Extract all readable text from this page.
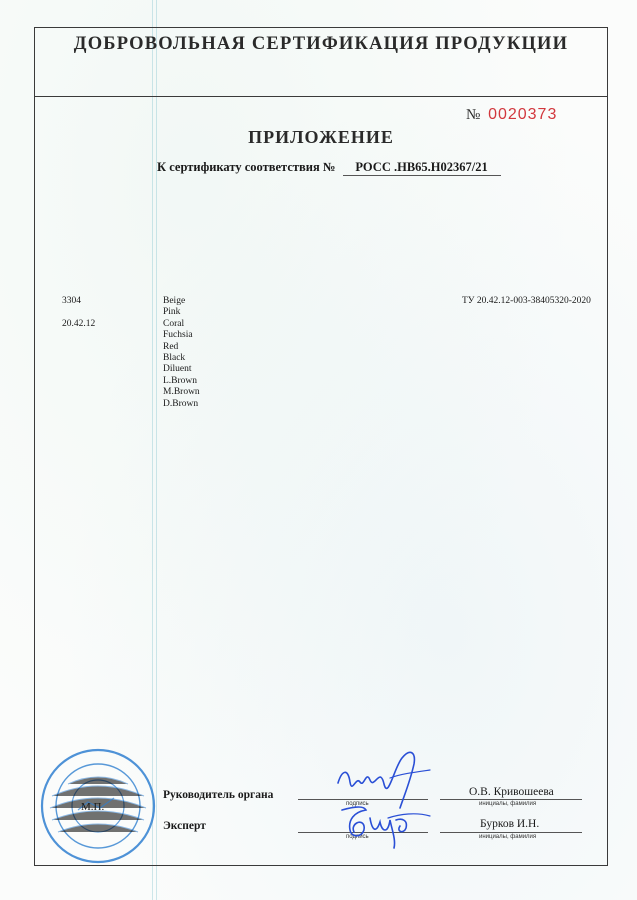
ДОБРОВОЛЬНАЯ СЕРТИФИКАЦИЯ ПРОДУКЦИИ
№ 0020373
ПРИЛОЖЕНИЕ
К сертификату соответствия № РОСС .НВ65.Н02367/21
3304
20.42.12
Beige
Pink
Coral
Fuchsia
Red
Black
Diluent
L.Brown
M.Brown
D.Brown
ТУ 20.42.12-003-38405320-2020
М.П.
Руководитель органа
подпись
О.В. Кривошеева
инициалы, фамилия
Эксперт
подпись
Бурков И.Н.
инициалы, фамилия
